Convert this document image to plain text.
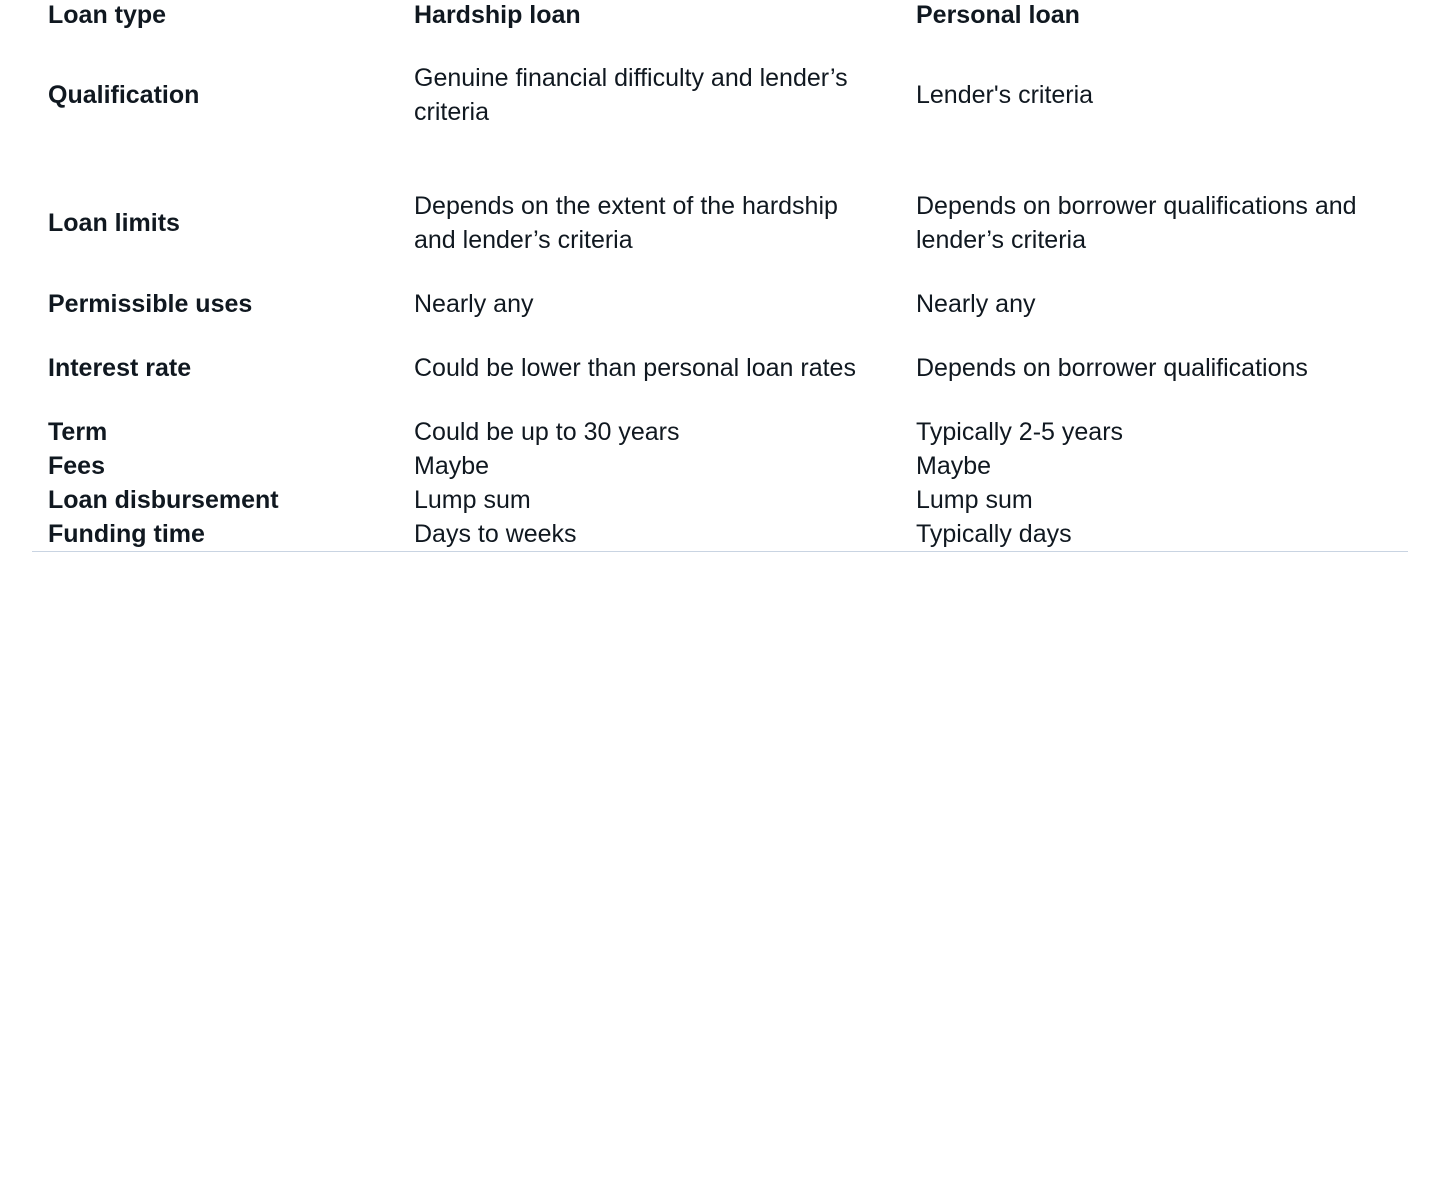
Loan type	Hardship loan	Personal loan
Qualification	Genuine financial difficulty and lender’s criteria	Lender's criteria
Loan limits	Depends on the extent of the hardship and lender’s criteria	Depends on borrower qualifications and lender’s criteria
Permissible uses	Nearly any	Nearly any
Interest rate	Could be lower than personal loan rates	Depends on borrower qualifications
Term	Could be up to 30 years	Typically 2-5 years
Fees	Maybe	Maybe
Loan disbursement	Lump sum	Lump sum
Funding time	Days to weeks	Typically days
